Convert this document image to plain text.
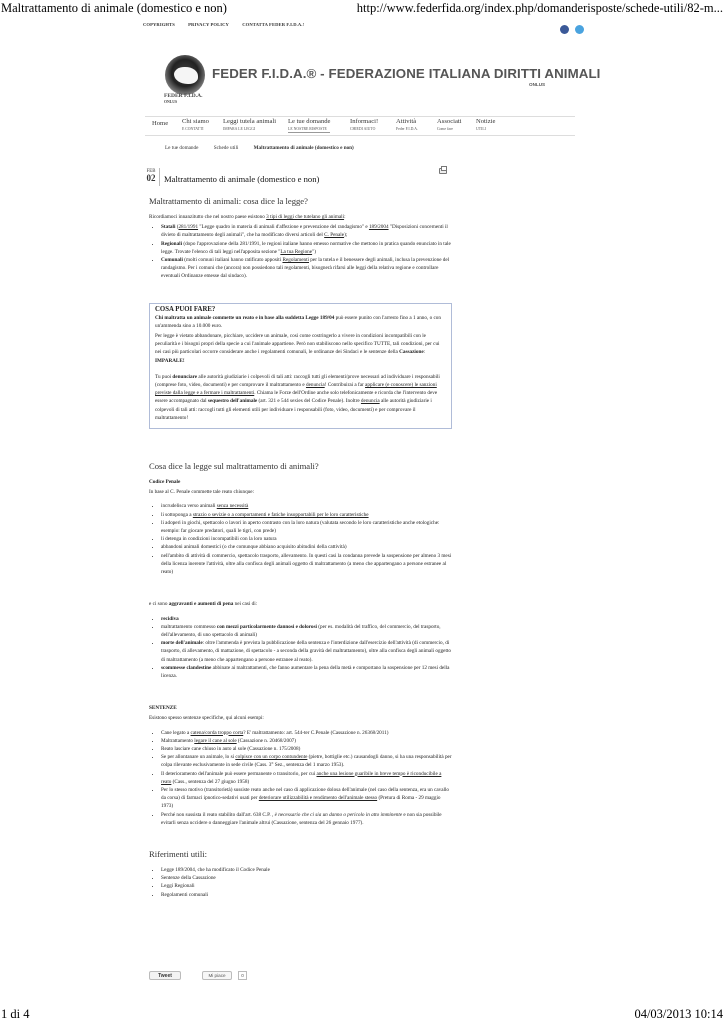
Maltrattamento di animale (domestico e non)	http://www.federfida.org/index.php/domanderisposte/schede-utili/82-m...
COPYRIGHTS	PRIVACY POLICY	CONTATTA FEDER F.I.D.A.!

FEDER F.I.D.A.
ONLUS
FEDER F.I.D.A.® - FEDERAZIONE ITALIANA DIRITTI ANIMALI
ONLUS
Home Chi siamo
E CONTATTI
Leggi tutela animali
IMPARA LE LEGGI
Le tue domande
LE NOSTRE RISPOSTE
Informaci!
CHIEDI AIUTO
Attività
Feder F.I.D.A.
Associati
Come fare
Notizie
UTILI
Le tue domande	Schede utili	Maltrattamento di animale (domestico e non)
FEB
02 Maltrattamento di animale (domestico e non)
Maltrattamento di animali: cosa dice la legge?

Ricordiamoci innanzitutto che nel nostro paese esistono 3 tipi di leggi che tutelano gli animali:

• Statali (281/1991 "Legge quadro in materia di animali d'affezione e prevenzione del randagismo" e 189/2004 "Disposizioni concernenti il divieto di maltrattamento degli animali", che ha modificato diversi articoli del C. Penale);
• Regionali (dopo l'approvazione della 281/1991, le regioni italiane hanno emesso normative che mettono in pratica quando enunciato in tale legge. Trovate l'elenco di tali leggi nell'apposita sezione "La tua Regione")
• Comunali (molti comuni italiani hanno ratificato appositi Regolamenti per la tutela e il benessere degli animali, inclusa la prevenzione del randagismo. Per i comuni che (ancora) non possiedono tali regolamenti, bisognerà rifarsi alle leggi della relativa regione e controllare eventuali Ordinanze emesse dal sindaco).
COSA PUOI FARE?

Chi maltratta un animale commette un reato e in base alla suddetta Legge 189/04 può essere punito con l'arresto fino a 1 anno, o con un'ammenda sino a 10.000 euro.

Per legge è vietato abbandonare, picchiare, uccidere un animale, così come costringerlo a vivere in condizioni incompatibili con le peculiarità e i bisogni propri della specie a cui l'animale appartiene. Però non stabiliscono nello specifico TUTTE, tali condizioni, per cui nei casi più particolari occorre considerare anche i regolamenti comunali, le ordinanze dei Sindaci e le sentenze della Cassazione: IMPARALE!

Tu puoi denunciare alle autorità giudiziarie i colpevoli di tali atti: raccogli tutti gli elementi/prove necessari ad individuare i responsabili (comprese foto, video, documenti) e per comprovare il maltrattamento e denuncia! Contribuirai a far applicare (e conoscere) le sanzioni previste dalla legge e a fermare i maltrattamenti. Chiama le Forze dell'Ordine anche solo telefonicamente e ricorda che l'intervento deve essere accompagnato dal sequestro dell'animale (art. 321 e 544 sexies del Codice Penale). Inoltre denuncia alle autorità giudiziarie i colpevoli di tali atti: raccogli tutti gli elementi utili per individuare i responsabili (foto, video, documenti) e per comprovare il maltrattamento!

Cosa dice la legge sul maltrattamento di animali?

Codice Penale

In base al C. Penale commette tale reato chiunque:

• incrudelisca verso animali senza necessità
• li sottoponga a strazio o sevizie o a comportamenti e fatiche insopportabili per le loro caratteristiche
• li adoperi in giochi, spettacolo o lavori in aperto contrasto con la loro natura (valutata secondo le loro caratteristiche anche etologiche: esempio: far giocare predatori, quali le tigri, con prede)
• li detenga in condizioni incompatibili con la loro natura
• abbandoni animali domestici (o che comunque abbiano acquisito abitudini della cattività)
• nell'ambito di attività di commercio, spettacolo trasporto, allevamento. In questi casi la condanna prevede la sospensione per almeno 3 mesi della licenza inerente l'attività, oltre alla confisca degli animali oggetto di maltrattamento (a meno che appartengano a persone estranee al reato)

e ci sono aggravanti e aumenti di pena nei casi di:

• recidiva
• maltrattamento commesso con mezzi particolarmente dannosi e dolorosi (per es. modalità del traffico, del commercio, del trasporto, dell'allevamento, di uno spettacolo di animali)
• morte dell'animale: oltre l'ammenda è prevista la pubblicazione della sentenza e l'interdizione dall'esercizio dell'attività (di commercio, di trasporto, di allevamento, di mattazione, di spettacolo - a seconda della gravità del maltrattamento), oltre alla confisca degli animali oggetto di maltrattamento (a meno che appartengano a persone estranee al reato).
• scommesse clandestine abbinate ai maltrattamenti, che fanno aumentare la pena della metà e comportano la sospensione per 12 mesi della licenza.

SENTENZE

Esistono spesso sentenze specifiche, qui alcuni esempi:

• Cane legato a catena/corda troppo corta? E' maltrattamento: art. 544-ter C.Penale (Cassazione n. 26368/2011)
• Maltrattamento legare il cane al sole (Cassazione n. 20468/2007)
• Reato lasciare cane chiuso in auto al sole (Cassazione n. 175/2008)
• Se per allontanare un animale, lo si colpisce con un corpo contundente (pietre, bottiglie etc.) causandogli danno, si ha una responsabilità per colpa rilevante esclusivamente in sede civile (Cass. 3° Sez., sentenza del 1 marzo 1953).
• Il deterioramento dell'animale può essere permanente o transitorio, per cui anche una lesione guaribile in breve tempo è riconducibile a reato (Cass., sentenza del 27 giugno 1958)
• Per lo stesso motivo (transitorietà) sussiste reato anche nel caso di applicazione dolosa dell'animale (nel caso della sentenza, era un cavallo da corsa) di farmaci ipnotico-sedativi usati per deteriorare utilizzabilità e rendimento dell'animale stesso (Pretura di Roma - 29 maggio 1973)
• Perché non sussista il reato stabilito dall'art. 638 C.P. , è necessario che ci sia un danno o pericolo in atto imminente e non sia possibile evitarli senza uccidere o danneggiare l'animale altrui (Cassazione, sentenza del 26 gennaio 1977).
Riferimenti utili:
• Legge 189/2004, che ha modificato il Codice Penale
• Sentenze della Cassazione
• Leggi Regionali
• Regolamenti comunali
Tweet	Mi piace	0
1 di 4	04/03/2013 10:14
